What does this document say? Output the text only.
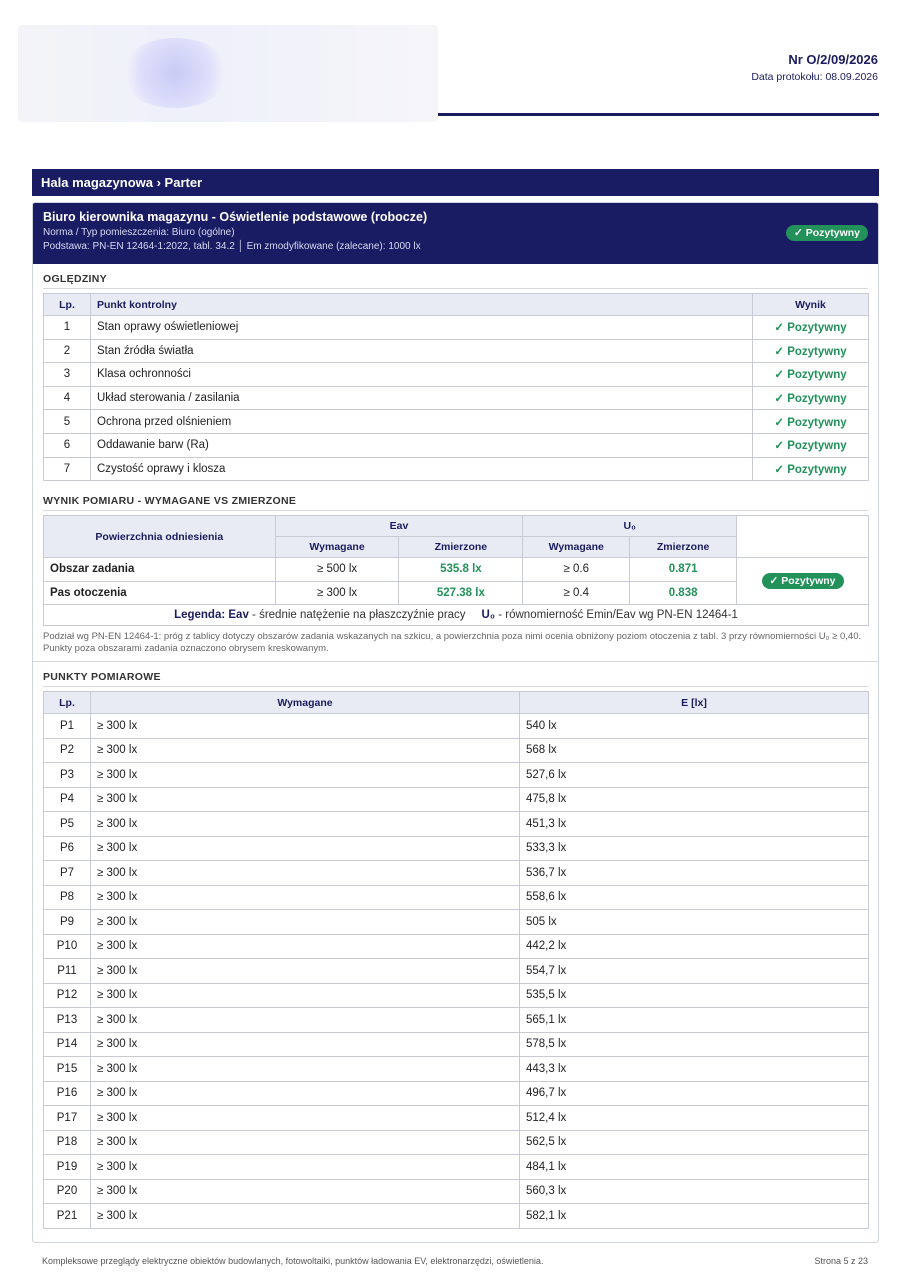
Nr O/2/09/2026
Data protokołu: 08.09.2026
Hala magazynowa › Parter
Biuro kierownika magazynu - Oświetlenie podstawowe (robocze)
Norma / Typ pomieszczenia: Biuro (ogólne)
Podstawa: PN-EN 12464-1:2022, tabl. 34.2 │ Em zmodyfikowane (zalecane): 1000 lx
✓ Pozytywny
OGLĘDZINY
Lp.	Punkt kontrolny	Wynik
1	Stan oprawy oświetleniowej	✓ Pozytywny
2	Stan źródła światła	✓ Pozytywny
3	Klasa ochronności	✓ Pozytywny
4	Układ sterowania / zasilania	✓ Pozytywny
5	Ochrona przed olśnieniem	✓ Pozytywny
6	Oddawanie barw (Ra)	✓ Pozytywny
7	Czystość oprawy i klosza	✓ Pozytywny
WYNIK POMIARU - WYMAGANE VS ZMIERZONE
Powierzchnia odniesienia	Eav		U₀		
	Wymagane	Zmierzone	Wymagane	Zmierzone	
Obszar zadania	≥ 500 lx	535.8 lx	≥ 0.6	0.871	✓ Pozytywny
Pas otoczenia	≥ 300 lx	527.38 lx	≥ 0.4	0.838	
Legenda: Eav - średnie natężenie na płaszczyźnie pracy U₀ - równomierność Emin/Eav wg PN-EN 12464-1					
Podział wg PN-EN 12464-1: próg z tablicy dotyczy obszarów zadania wskazanych na szkicu, a powierzchnia poza nimi ocenia obniżony poziom otoczenia z tabl. 3 przy równomierności U₀ ≥ 0,40. Punkty poza obszarami zadania oznaczono obrysem kreskowanym.
PUNKTY POMIAROWE
Lp.	Wymagane	E [lx]
P1	≥ 300 lx	540 lx
P2	≥ 300 lx	568 lx
P3	≥ 300 lx	527,6 lx
P4	≥ 300 lx	475,8 lx
P5	≥ 300 lx	451,3 lx
P6	≥ 300 lx	533,3 lx
P7	≥ 300 lx	536,7 lx
P8	≥ 300 lx	558,6 lx
P9	≥ 300 lx	505 lx
P10	≥ 300 lx	442,2 lx
P11	≥ 300 lx	554,7 lx
P12	≥ 300 lx	535,5 lx
P13	≥ 300 lx	565,1 lx
P14	≥ 300 lx	578,5 lx
P15	≥ 300 lx	443,3 lx
P16	≥ 300 lx	496,7 lx
P17	≥ 300 lx	512,4 lx
P18	≥ 300 lx	562,5 lx
P19	≥ 300 lx	484,1 lx
P20	≥ 300 lx	560,3 lx
P21	≥ 300 lx	582,1 lx
Kompleksowe przeglądy elektryczne obiektów budowlanych, fotowoltaiki, punktów ładowania EV, elektronarzędzi, oświetlenia.	Strona 5 z 23
